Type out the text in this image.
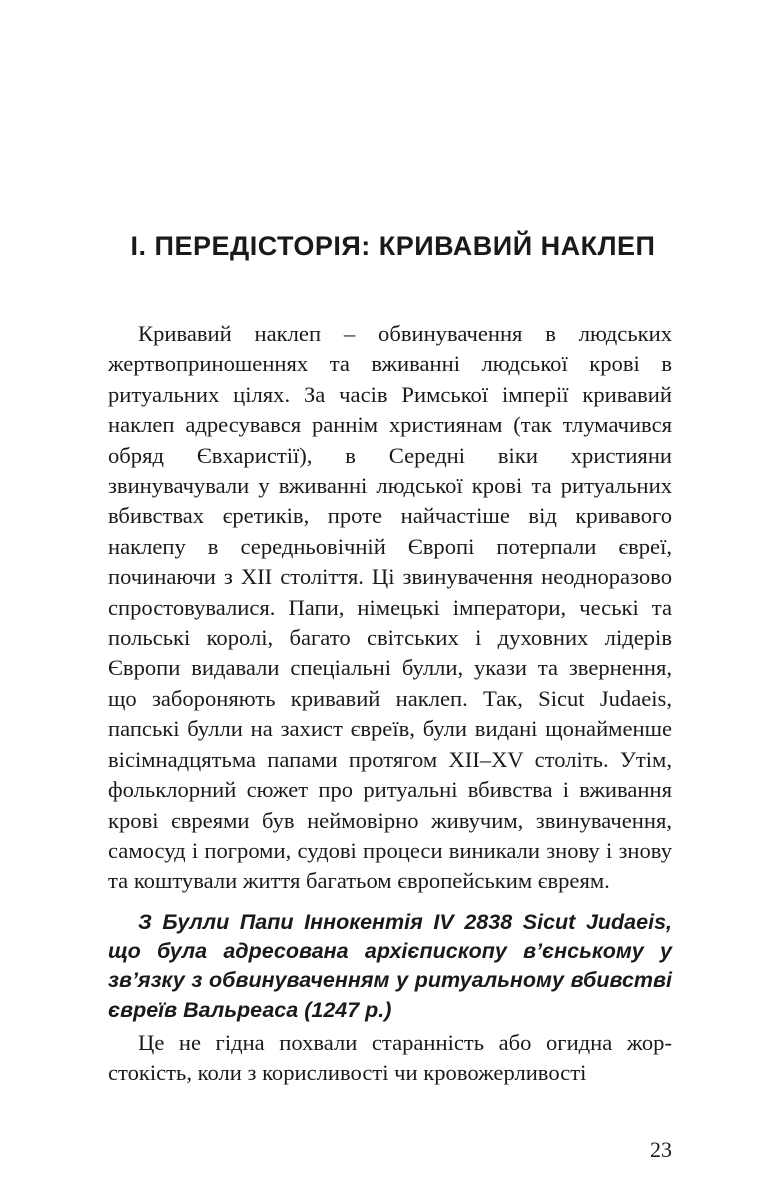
І. ПЕРЕДІСТОРІЯ: КРИВАВИЙ НАКЛЕП

Кривавий наклеп – обвинувачення в людських жертвоприношеннях та вживанні людської крові в ритуальних цілях. За часів Римської імперії кривавий наклеп адресувався раннім християнам (так тлумачився обряд Євхаристії), в Середні віки християни звинувачували у вживанні людської крові та ритуальних вбивствах єретиків, проте найчастіше від кривавого наклепу в середньовічній Європі потерпали євреї, починаючи з XII століття. Ці звинувачення неодноразово спростовувалися. Папи, німецькі імператори, чеські та польські королі, багато світських і духовних лідерів Європи видавали спеціальні булли, укази та звернення, що забороняють кривавий наклеп. Так, Sicut Judaeis, папські булли на захист євреїв, були видані щонайменше вісімнадцятьма папами протягом XII–XV століть. Утім, фольклорний сюжет про ритуальні вбивства і вживання крові євреями був неймовірно живучим, звинувачення, самосуд і погроми, судові процеси виникали знову і знову та коштували життя багатьом європейським євреям.

З Булли Папи Іннокентія IV 2838 Sicut Judaeis, що була адресована архієпископу в’єнському у зв’язку з обвинуваченням у ритуальному вбивстві євреїв Вальреаса (1247 р.)

Це не гідна похвали старанність або огидна жорстокість, коли з корисливості чи кровожерливості

23
